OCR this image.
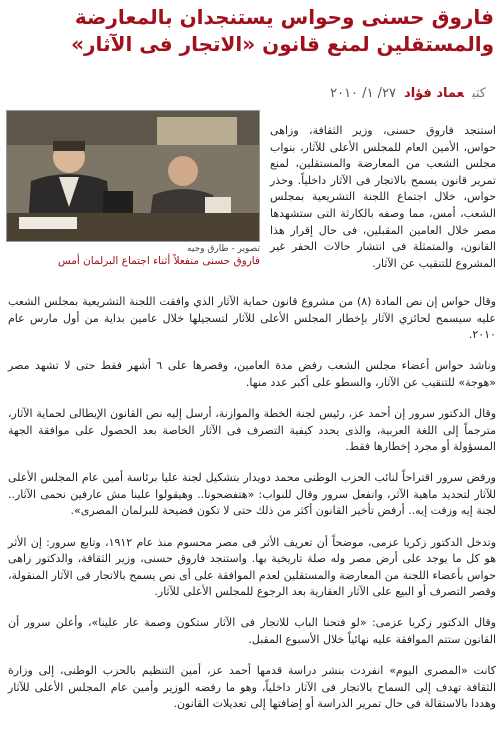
فاروق حسنى وحواس يستنجدان بالمعارضة والمستقلين لمنع قانون «الاتجار فى الآثار»
كتبعماد فؤاد٢٧/ ١/ ٢٠١٠
تصوير - طارق وجيه
فاروق حسنى منفعلاً أثناء اجتماع البرلمان أمس

استنجد فاروق حسنى، وزير الثقافة، وزاهى حواس، الأمين العام للمجلس الأعلى للآثار، بنواب مجلس الشعب من المعارضة والمستقلين، لمنع تمرير قانون يسمح بالاتجار فى الآثار داخلياً. وحذر حواس، خلال اجتماع اللجنة التشريعية بمجلس الشعب، أمس، مما وصفه بالكارثة التى ستشهدها مصر خلال العامين المقبلين، فى حال إقرار هذا القانون، والمتمثلة فى انتشار حالات الحفر غير المشروع للتنقيب عن الآثار.

وقال حواس إن نص المادة (٨) من مشروع قانون حماية الآثار الذي وافقت اللجنة التشريعية بمجلس الشعب عليه سيسمح لحائزي الآثار بإخطار المجلس الأعلى للآثار لتسجيلها خلال عامين بداية من أول مارس عام ٢٠١٠.

وناشد حواس أعضاء مجلس الشعب رفض مدة العامين، وقصرها على ٦ أشهر فقط حتى لا تشهد مصر «هوجة» للتنقيب عن الآثار، والسطو على أكبر عدد منها.

وقال الدكتور سرور إن أحمد عز، رئيس لجنة الخطة والموازنة، أرسل إليه نص القانون الإيطالى لحماية الآثار، مترجماً إلى اللغة العربية، والذى يحدد كيفية التصرف فى الآثار الخاصة بعد الحصول على موافقة الجهة المسؤولة أو مجرد إخطارها فقط.

ورفض سرور اقتراحاً لنائب الحزب الوطنى محمد دويدار بتشكيل لجنة عليا برئاسة أمين عام المجلس الأعلى للآثار لتحديد ماهية الآثر، وانفعل سرور وقال للنواب: «هتفضحونا.. وهيقولوا علينا مش عارفين نحمى الآثار.. لجنة إيه وزفت إيه.. أرفض تأخير القانون أكثر من ذلك حتى لا تكون فضيحة للبرلمان المصرى».

وتدخل الدكتور زكريا عزمى، موضحاً أن تعريف الأثر فى مصر محسوم منذ عام ١٩١٢، وتابع سرور: إن الأثر هو كل ما يوجد على أرض مصر وله صلة تاريخية بها. واستنجد فاروق حسنى، وزير الثقافة، والدكتور زاهى حواس بأعضاء اللجنة من المعارضة والمستقلين لعدم الموافقة على أى نص يسمح بالاتجار فى الآثار المنقولة، وقصر التصرف أو البيع على الآثار العقارية بعد الرجوع للمجلس الأعلى للآثار.

وقال الدكتور زكريا عزمى: «لو فتحنا الباب للاتجار فى الآثار ستكون وصمة عار علينا»، وأعلن سرور أن القانون ستتم الموافقة عليه نهائياً خلال الأسبوع المقبل.

كانت «المصرى اليوم» انفردت بنشر دراسة قدمها أحمد عز، أمين التنظيم بالحزب الوطنى، إلى وزارة الثقافة تهدف إلى السماح بالاتجار فى الآثار داخلياً، وهو ما رفضه الوزير وأمين عام المجلس الأعلى للآثار وهددا بالاستقالة فى حال تمرير الدراسة أو إضافتها إلى تعديلات القانون.
